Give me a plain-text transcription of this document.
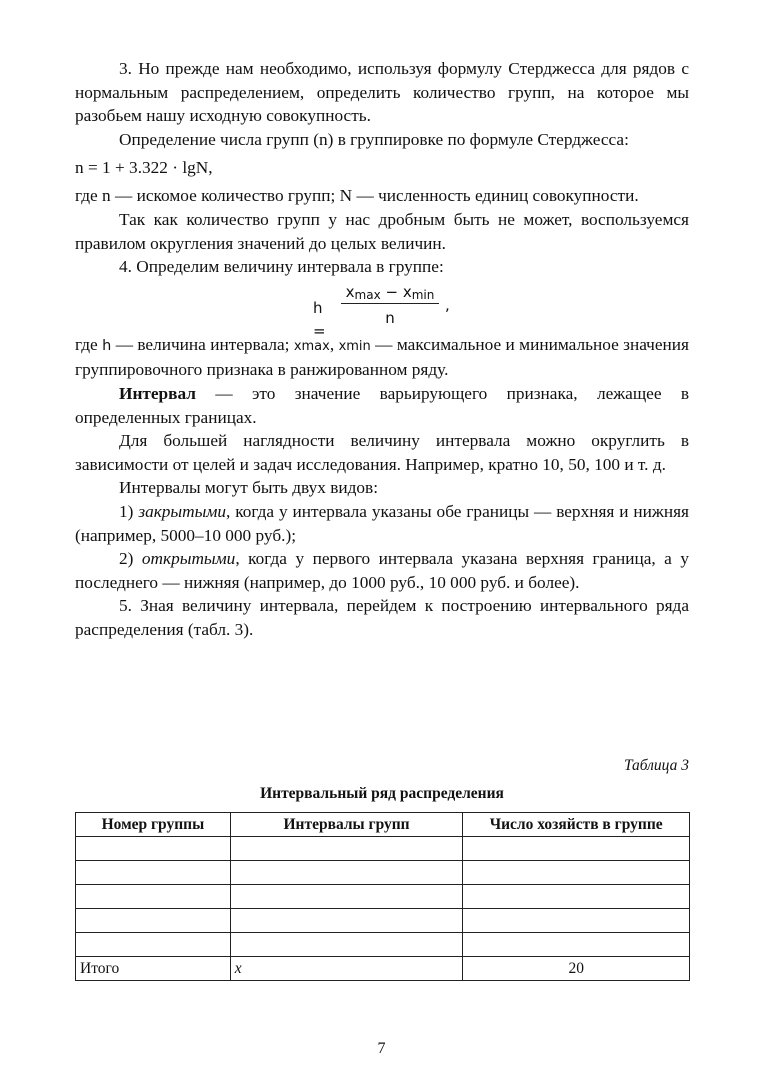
3. Но прежде нам необходимо, используя формулу Стерджесса для рядов с нормальным распределением, определить количество групп, на которое мы разобьем нашу исходную совокупность.

Определение числа групп (n) в группировке по формуле Стерджесса:

n = 1 + 3.322 · lgN,

где n — искомое количество групп; N — численность единиц совокупности.

Так как количество групп у нас дробным быть не может, воспользуемся правилом округления значений до целых величин.

4. Определим величину интервала в группе:

h =
$x_{max} - x_{min}$
n
,

где h — величина интервала; xmax, xmin — максимальное и минимальное значения группировочного признака в ранжированном ряду.

Интервал — это значение варьирующего признака, лежащее в определенных границах.

Для большей наглядности величину интервала можно округлить в зависимости от целей и задач исследования. Например, кратно 10, 50, 100 и т. д.

Интервалы могут быть двух видов:

1) закрытыми, когда у интервала указаны обе границы — верхняя и нижняя (например, 5000–10 000 руб.);

2) открытыми, когда у первого интервала указана верхняя граница, а у последнего — нижняя (например, до 1000 руб., 10 000 руб. и более).

5. Зная величину интервала, перейдем к построению интервального ряда распределения (табл. 3).

Таблица 3
Интервальный ряд распределения
Номер группы	Интервалы групп	Число хозяйств в группе

Итого	x	20
7
